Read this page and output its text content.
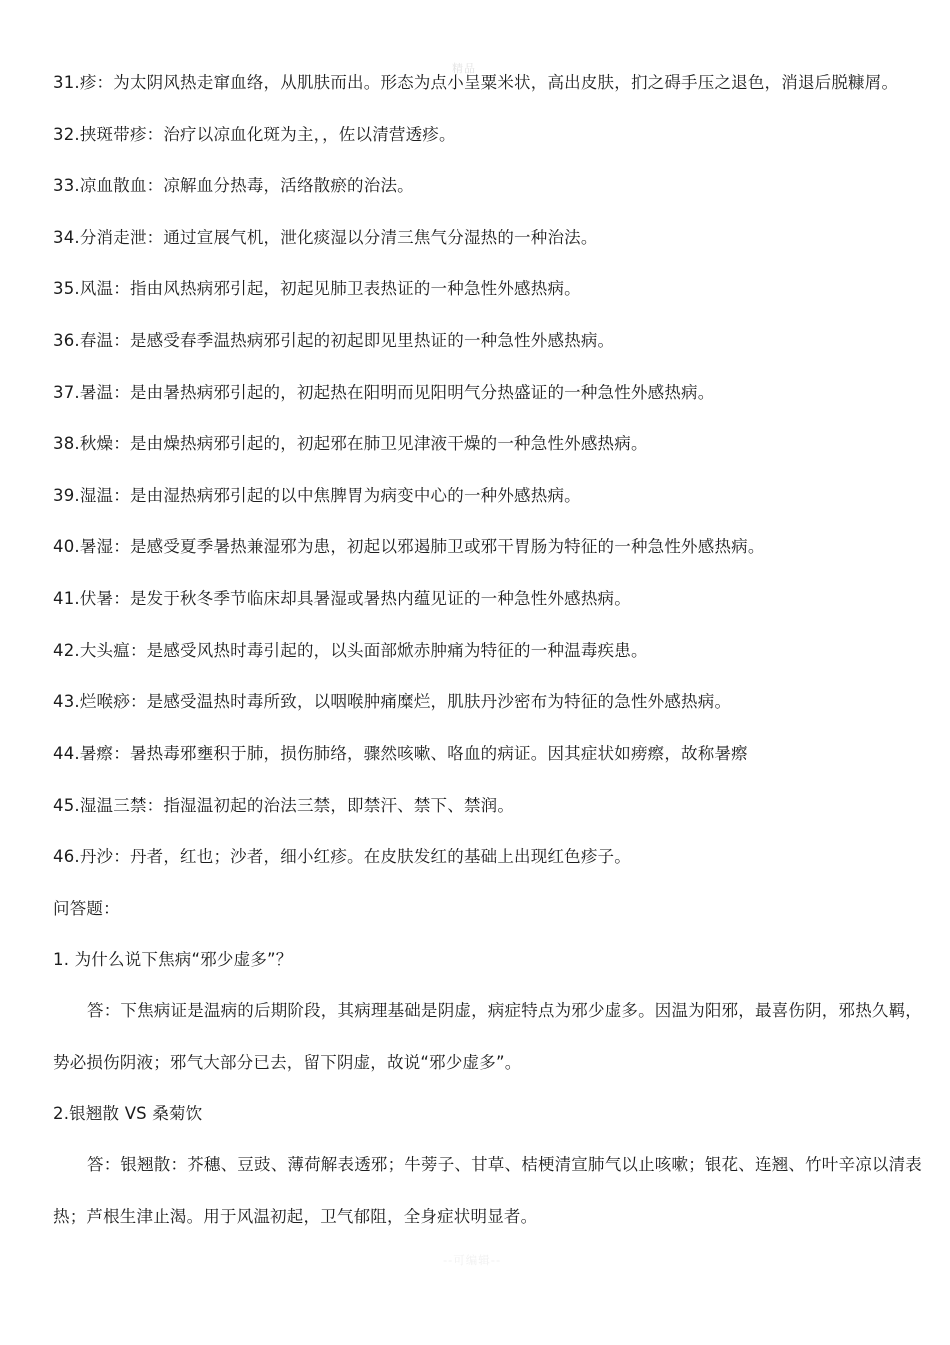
精品

31.疹：为太阴风热走窜血络，从肌肤而出。形态为点小呈粟米状，高出皮肤，扪之碍手压之退色，消退后脱糠屑。

32.挟斑带疹：治疗以凉血化斑为主，，佐以清营透疹。

33.凉血散血：凉解血分热毒，活络散瘀的治法。

34.分消走泄：通过宣展气机，泄化痰湿以分清三焦气分湿热的一种治法。

35.风温：指由风热病邪引起，初起见肺卫表热证的一种急性外感热病。

36.春温：是感受春季温热病邪引起的初起即见里热证的一种急性外感热病。

37.暑温：是由暑热病邪引起的，初起热在阳明而见阳明气分热盛证的一种急性外感热病。

38.秋燥：是由燥热病邪引起的，初起邪在肺卫见津液干燥的一种急性外感热病。

39.湿温：是由湿热病邪引起的以中焦脾胃为病变中心的一种外感热病。

40.暑湿：是感受夏季暑热兼湿邪为患，初起以邪遏肺卫或邪干胃肠为特征的一种急性外感热病。

41.伏暑：是发于秋冬季节临床却具暑湿或暑热内蕴见证的一种急性外感热病。

42.大头瘟：是感受风热时毒引起的，以头面部焮赤肿痛为特征的一种温毒疾患。

43.烂喉痧：是感受温热时毒所致，以咽喉肿痛糜烂，肌肤丹沙密布为特征的急性外感热病。

44.暑瘵：暑热毒邪壅积于肺，损伤肺络，骤然咳嗽、咯血的病证。因其症状如痨瘵，故称暑瘵

45.湿温三禁：指湿温初起的治法三禁，即禁汗、禁下、禁润。

46.丹沙：丹者，红也；沙者，细小红疹。在皮肤发红的基础上出现红色疹子。

问答题：

1. 为什么说下焦病“邪少虚多”？

答：下焦病证是温病的后期阶段，其病理基础是阴虚，病症特点为邪少虚多。因温为阳邪，最喜伤阴，邪热久羁，

势必损伤阴液；邪气大部分已去，留下阴虚，故说“邪少虚多”。

2.银翘散 VS 桑菊饮

答：银翘散：芥穗、豆豉、薄荷解表透邪；牛蒡子、甘草、桔梗清宣肺气以止咳嗽；银花、连翘、竹叶辛凉以清表

热；芦根生津止渴。用于风温初起，卫气郁阻，全身症状明显者。

--可编辑--
